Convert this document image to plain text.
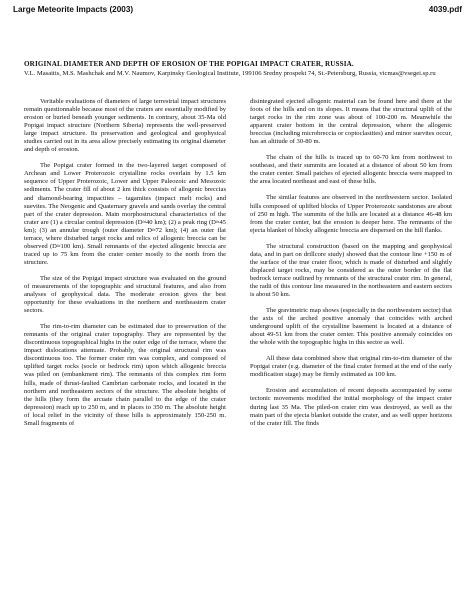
Large Meteorite Impacts (2003)	4039.pdf

ORIGINAL DIAMETER AND DEPTH OF EROSION OF THE POPIGAI IMPACT CRATER, RUSSIA.

V.L. Masaitis, M.S. Mashchak and M.V. Naumov, Karpinsky Geological Institute, 199106 Sredny prospekt 74, St.-Petersburg, Russia, vicmas@vsegei.sp.ru

Veritable evaluations of diameters of large terrestrial impact structures remain questionnable because most of the craters are essentially modified by erosion or buried beneath younger sediments. In contrary, about 35-Ma old Popigai impact structure (Northern Siberia) represents the well-preserved large impact structure. Its preservation and geological and geophysical studies carried out in its area allow precisely estimating its original diameter and depth of erosion.

The Popigai crater formed in the two-layered target composed of Archean and Lower Proterozoic crystalline rocks overlain by 1.5 km sequence of Upper Proterozoic, Lower and Upper Paleozoic and Mesozoic sediments. The crater fill of about 2 km thick consists of allogenic breccias and diamond-bearing impactites – tagamites (impact melt rocks) and suevites. The Neogenic and Quaternary gravels and sands overlay the central part of the crater depression. Main morphostructural characteristics of the crater are (1) a circular central depression (D≈40 km); (2) a peak ring (D≈45 km); (3) an annular trough (outer diameter D≈72 km); (4) an outer flat terrace, where disturbed target rocks and relics of allogenic breccia can be observed (D≈100 km). Small remnants of the ejected allogenic breccia are traced up to 75 km from the crater center mostly to the north from the structure.

The size of the Popigai impact structure was evaluated on the ground of measurements of the topographic and structural features, and also from analyses of geophysical data. The moderate erosion gives the best opportunity for these evaluations in the northern and northeastern crater sectors.

The rim-to-rim diameter can be estimated due to preservation of the remnants of the original crater topography. They are represented by the discontinuous topographical highs in the outer edge of the terrace, where the impact dislocations attenuate. Probably, the original structural rim was discontinuous too. The former crater rim was complex, and composed of uplifted target rocks (socle or bedrock rim) upon which allogenic breccia was piled on (embankment rim). The remnants of this complex rim form hills, made of thrust-faulted Cambrian carbonate rocks, and located in the northern and northeastern sectors of the structure. The absolute heights of the hills (they form the arcuate chain parallel to the edge of the crater depression) reach up to 250 m, and in places to 350 m. The absolute height of local relief in the vicinity of these hills is approximately 150-250 m. Small fragments of

disintegrated ejected allogenic material can be found here and there at the foots of the hills and on its slopes. It means that the structural uplift of the target rocks in the rim zone was about of 100-200 m. Meanwhile the apparent crater bottom in the central depression, where the allogenic breccias (including microbreccia or coptoclastites) and minor suevites occur, has an altitude of 30-80 m.

The chain of the hills is traced up to 60-70 km from northwest to southeast, and their summits are located at a distance of about 50 km from the crater center. Small patches of ejected allogenic breccia were mapped in the area located northeast and east of these hills.

The similar features are observed in the northwestern sector. Isolated hills composed of uplifted blocks of Upper Proterozoic sandstones are about of 250 m high. The summits of the hills are located at a distance 46-48 km from the crater center, but the erosion is deeper here. The remnants of the ejecta blanket of blocky allogenic breccia are dispersed on the hill flanks.

The structural construction (based on the mapping and geophysical data, and in part on drillcore study) showed that the contour line +150 m of the surface of the true crater floor, which is made of disturbed and slightly displaced target rocks, may be considered as the outer border of the flat bedrock terrace outlined by remnants of the structural crater rim. In general, the radii of this contour line measured in the northeastern and eastern sectors is about 50 km.

The gravimetric map shows (especially in the northwestern sector) that the axis of the arched positive anomaly that coincides with arched underground uplift of the crystalline basement is located at a distance of about 49-51 km from the crater center. This positive anomaly coincides on the whole with the topographic highs in this sector as well.

All these data combined show that original rim-to-rim diameter of the Popigai crater (e.g. diameter of the final crater formed at the end of the early modification stage) may be firmly estimated as 100 km.

Erosion and accumulation of recent deposits accompanied by some tectonic movements modified the initial morphology of the impact crater during last 35 Ma. The piled-on crater rim was destroyed, as well as the main part of the ejecta blanket outside the crater, and as well upper horizons of the crater fill. The finds
